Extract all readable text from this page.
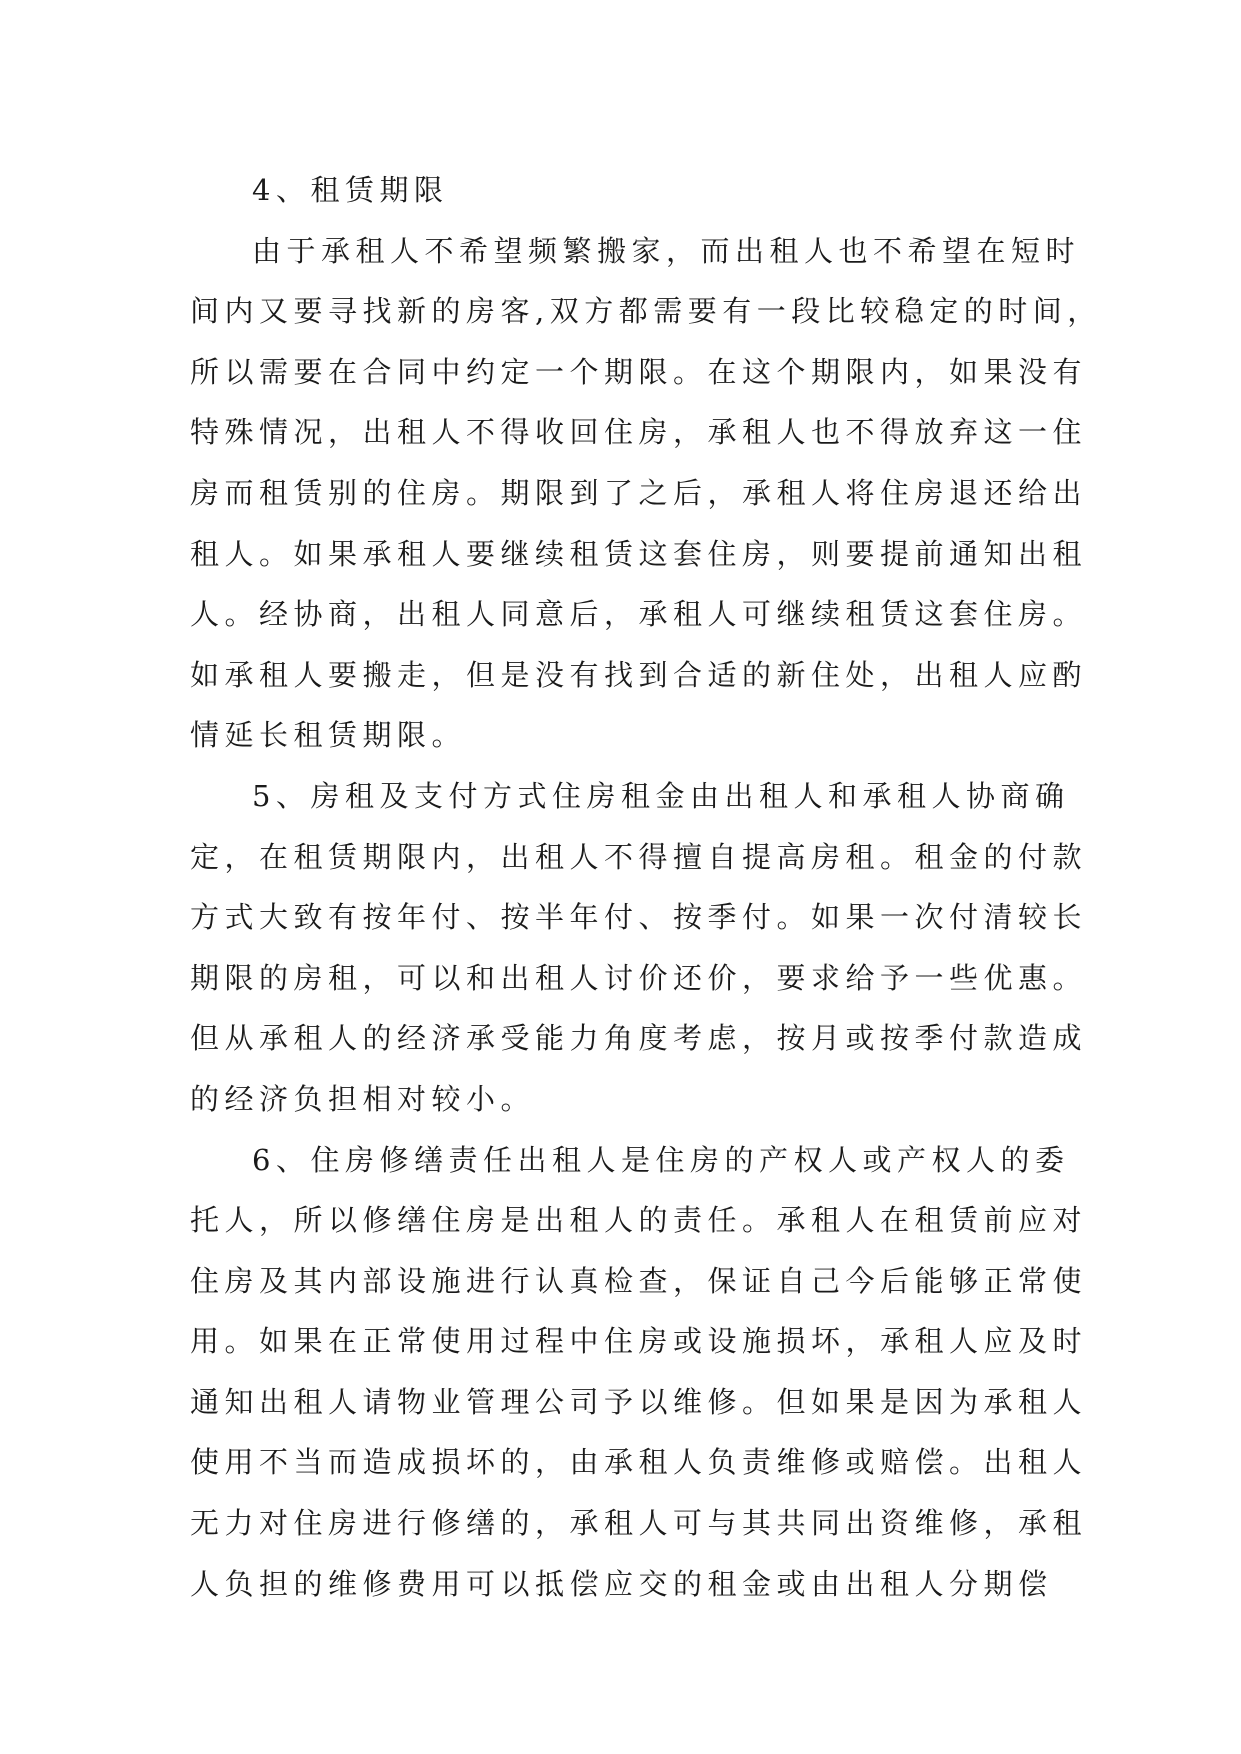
4、租赁期限
由于承租人不希望频繁搬家，而出租人也不希望在短时
间内又要寻找新的房客,双方都需要有一段比较稳定的时间，
所以需要在合同中约定一个期限。在这个期限内，如果没有
特殊情况，出租人不得收回住房，承租人也不得放弃这一住
房而租赁别的住房。期限到了之后，承租人将住房退还给出
租人。如果承租人要继续租赁这套住房，则要提前通知出租
人。经协商，出租人同意后，承租人可继续租赁这套住房。
如承租人要搬走，但是没有找到合适的新住处，出租人应酌
情延长租赁期限。
5、房租及支付方式住房租金由出租人和承租人协商确
定，在租赁期限内，出租人不得擅自提高房租。租金的付款
方式大致有按年付、按半年付、按季付。如果一次付清较长
期限的房租，可以和出租人讨价还价，要求给予一些优惠。
但从承租人的经济承受能力角度考虑，按月或按季付款造成
的经济负担相对较小。
6、住房修缮责任出租人是住房的产权人或产权人的委
托人，所以修缮住房是出租人的责任。承租人在租赁前应对
住房及其内部设施进行认真检查，保证自己今后能够正常使
用。如果在正常使用过程中住房或设施损坏，承租人应及时
通知出租人请物业管理公司予以维修。但如果是因为承租人
使用不当而造成损坏的，由承租人负责维修或赔偿。出租人
无力对住房进行修缮的，承租人可与其共同出资维修，承租
人负担的维修费用可以抵偿应交的租金或由出租人分期偿
